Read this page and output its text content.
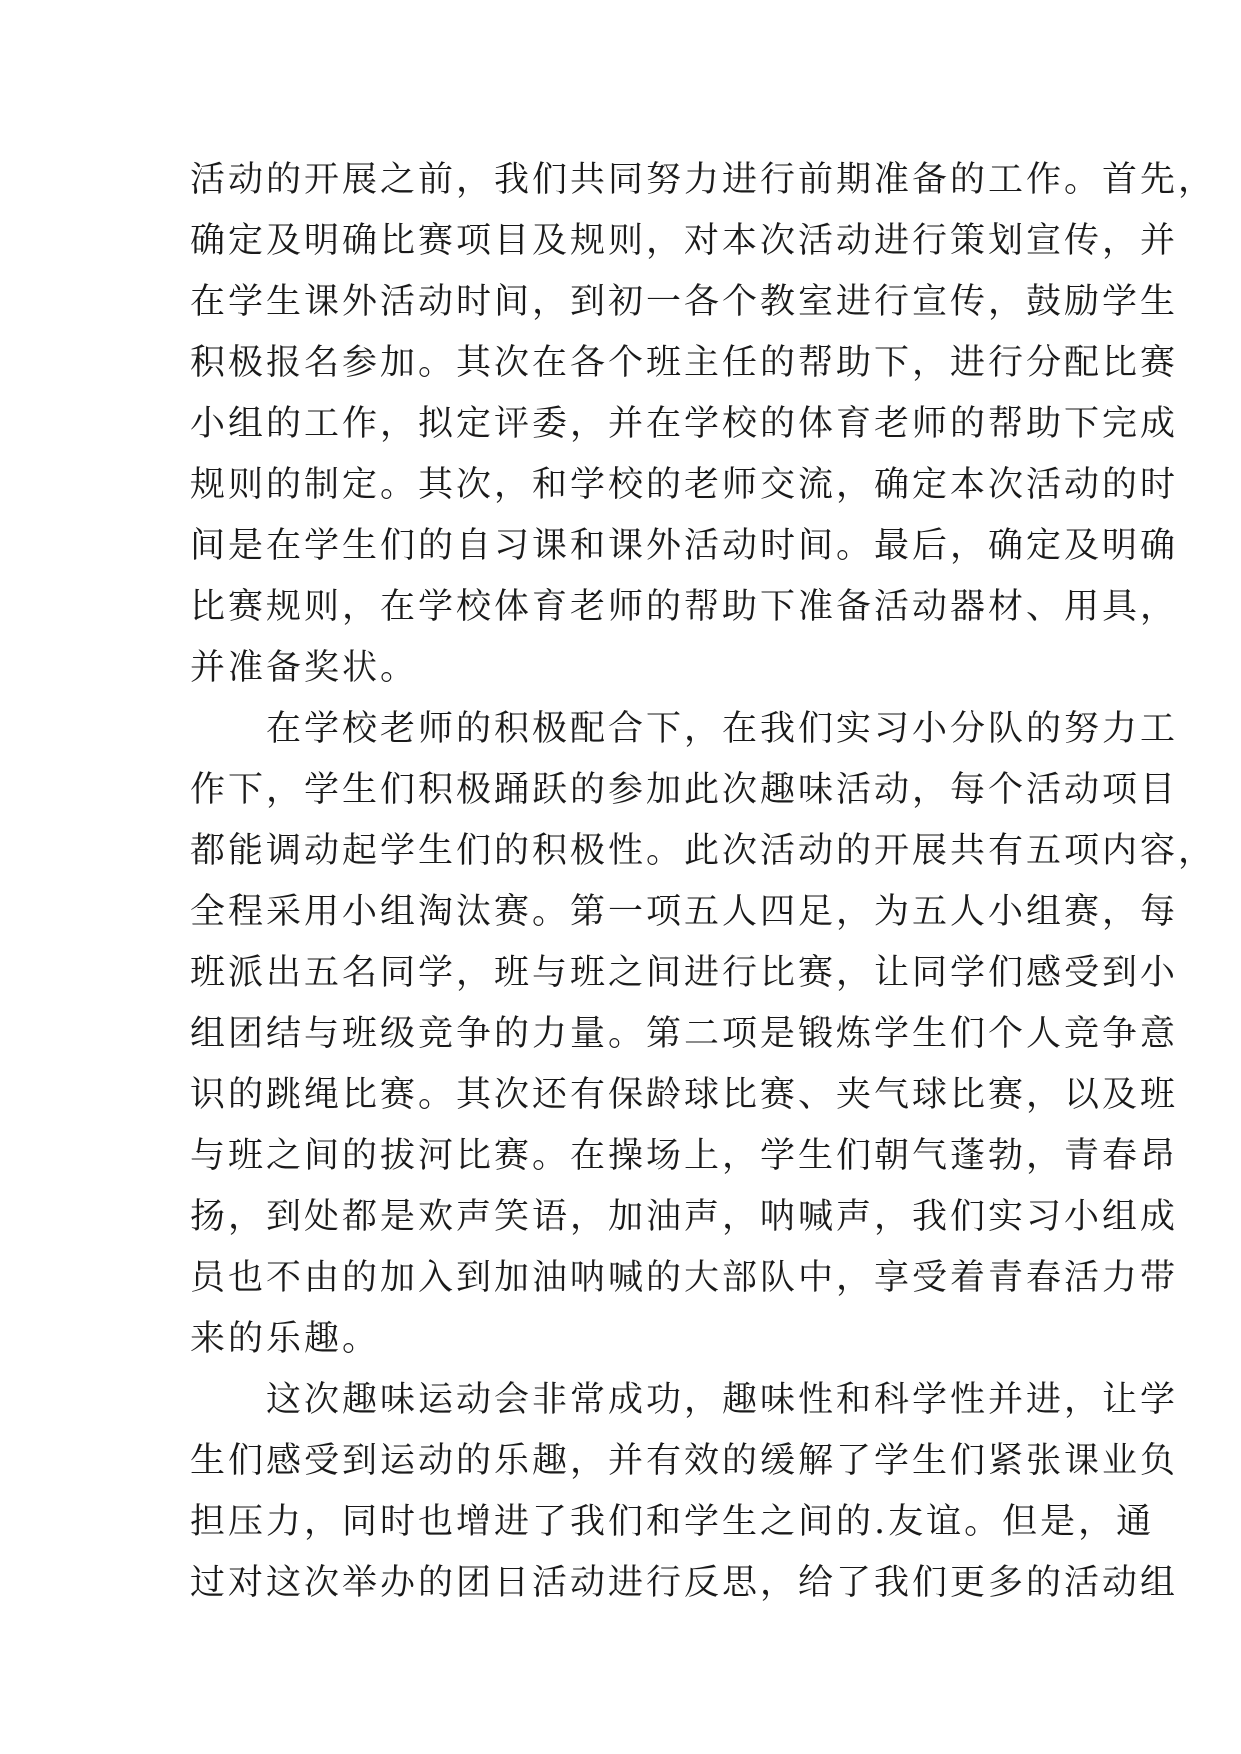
活动的开展之前，我们共同努力进行前期准备的工作。首先，
确定及明确比赛项目及规则，对本次活动进行策划宣传，并
在学生课外活动时间，到初一各个教室进行宣传，鼓励学生
积极报名参加。其次在各个班主任的帮助下，进行分配比赛
小组的工作，拟定评委，并在学校的体育老师的帮助下完成
规则的制定。其次，和学校的老师交流，确定本次活动的时
间是在学生们的自习课和课外活动时间。最后，确定及明确
比赛规则，在学校体育老师的帮助下准备活动器材、用具，
并准备奖状。
　　在学校老师的积极配合下，在我们实习小分队的努力工
作下，学生们积极踊跃的参加此次趣味活动，每个活动项目
都能调动起学生们的积极性。此次活动的开展共有五项内容，
全程采用小组淘汰赛。第一项五人四足，为五人小组赛，每
班派出五名同学，班与班之间进行比赛，让同学们感受到小
组团结与班级竞争的力量。第二项是锻炼学生们个人竞争意
识的跳绳比赛。其次还有保龄球比赛、夹气球比赛，以及班
与班之间的拔河比赛。在操场上，学生们朝气蓬勃，青春昂
扬，到处都是欢声笑语，加油声，呐喊声，我们实习小组成
员也不由的加入到加油呐喊的大部队中，享受着青春活力带
来的乐趣。
　　这次趣味运动会非常成功，趣味性和科学性并进，让学
生们感受到运动的乐趣，并有效的缓解了学生们紧张课业负
担压力，同时也增进了我们和学生之间的.友谊。但是，通
过对这次举办的团日活动进行反思，给了我们更多的活动组
